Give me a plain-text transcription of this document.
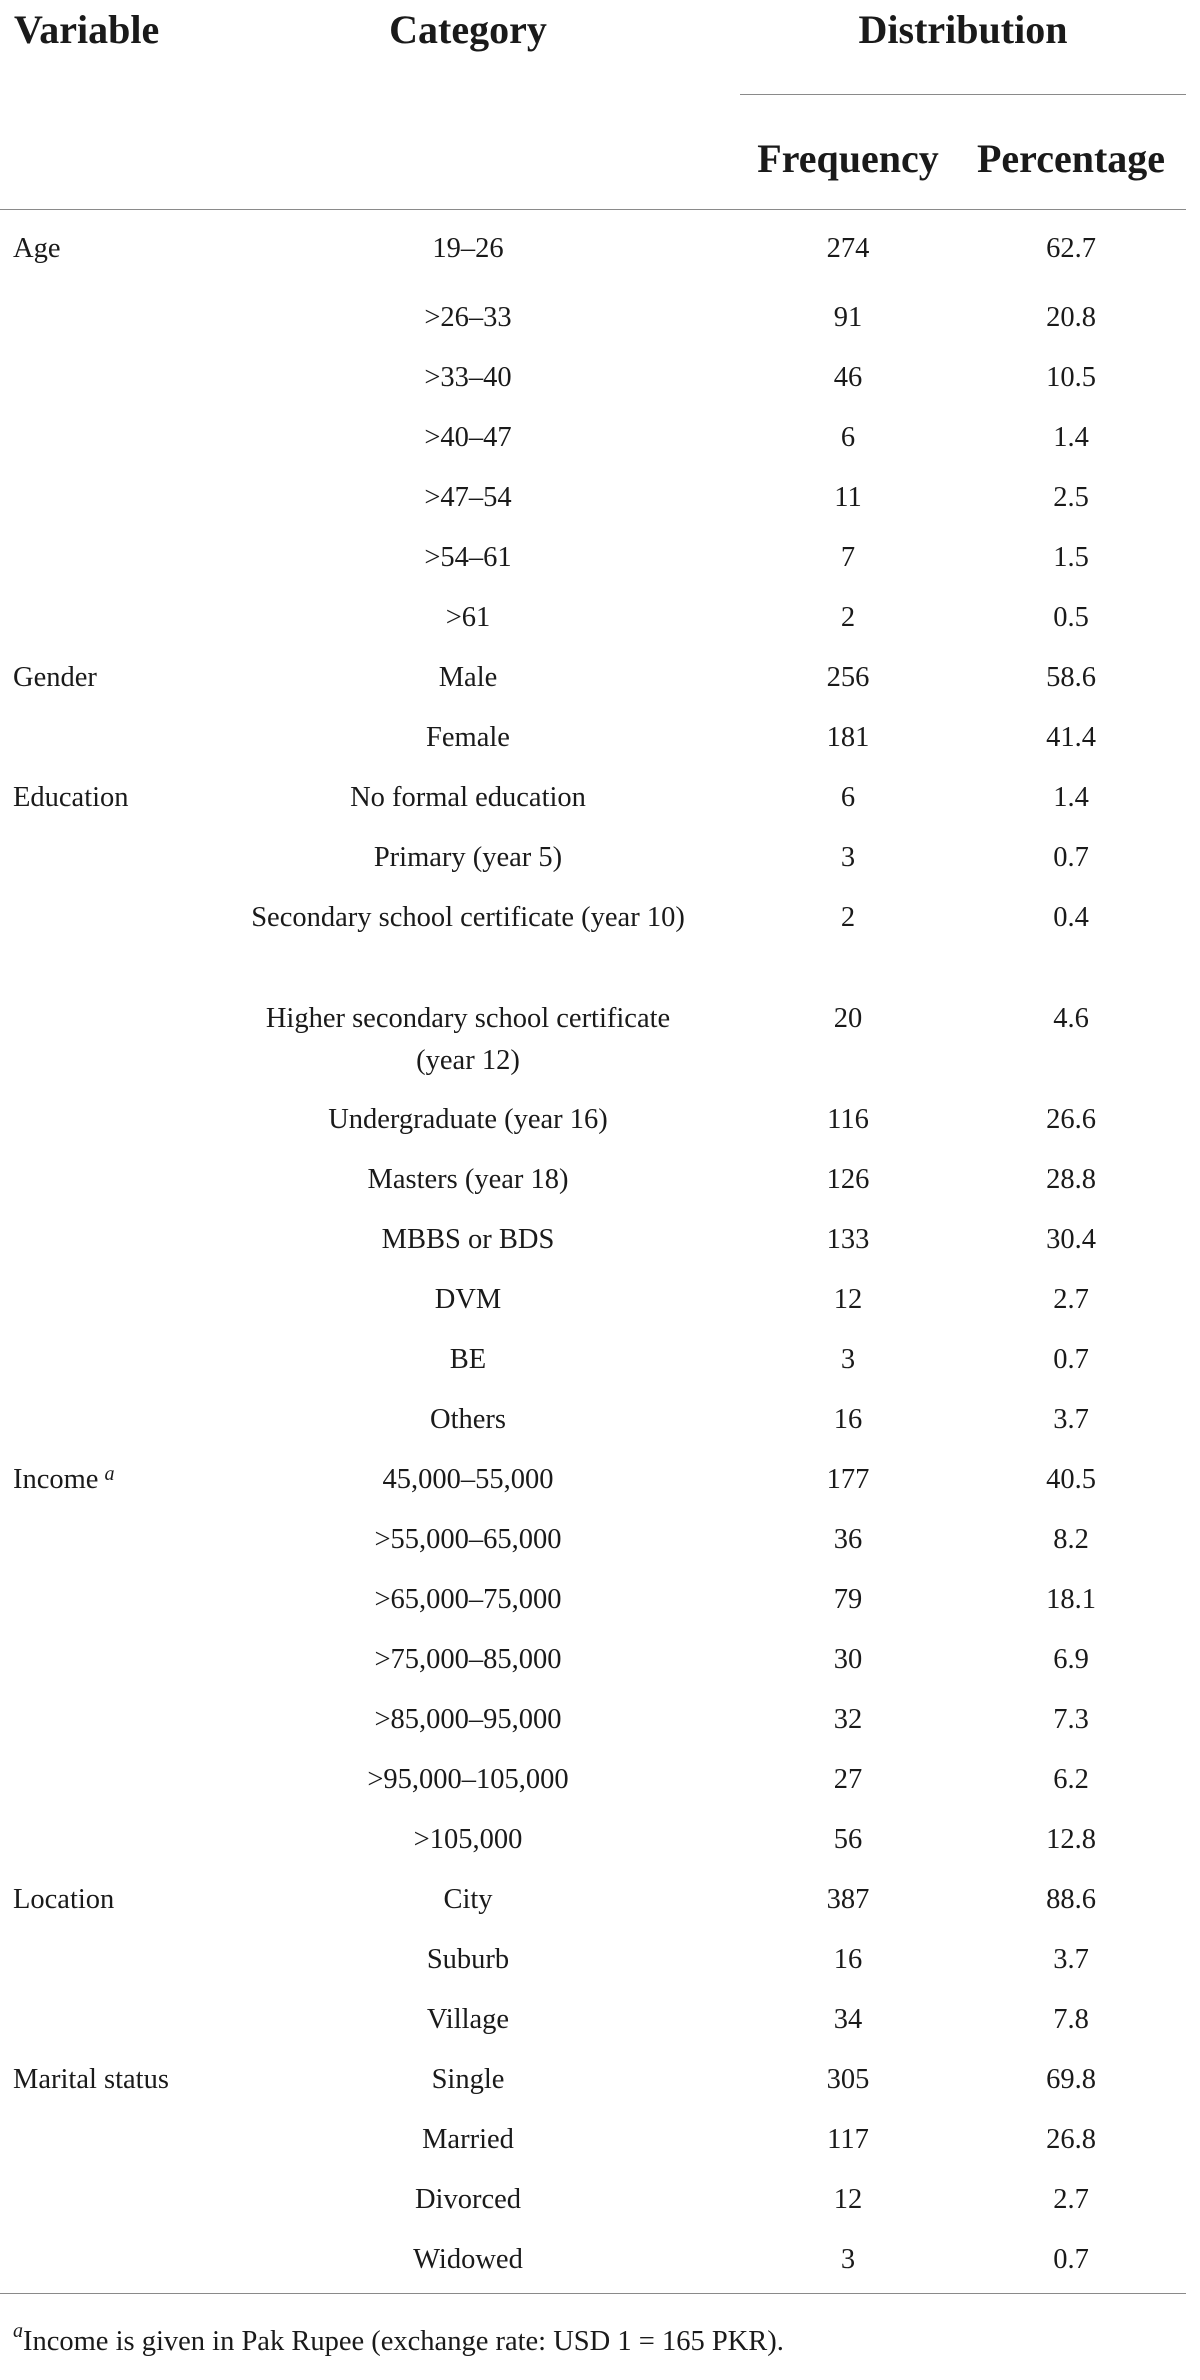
Variable	Category	Distribution	
		Frequency	Percentage
Age	19–26	274	62.7
	>26–33	91	20.8
	>33–40	46	10.5
	>40–47	6	1.4
	>47–54	11	2.5
	>54–61	7	1.5
	>61	2	0.5
Gender	Male	256	58.6
	Female	181	41.4
Education	No formal education	6	1.4
	Primary (year 5)	3	0.7
	Secondary school certificate (year 10)	2	0.4
	Higher secondary school certificate (year 12)	20	4.6
	Undergraduate (year 16)	116	26.6
	Masters (year 18)	126	28.8
	MBBS or BDS	133	30.4
	DVM	12	2.7
	BE	3	0.7
	Others	16	3.7
Income $^a$	45,000–55,000	177	40.5
	>55,000–65,000	36	8.2
	>65,000–75,000	79	18.1
	>75,000–85,000	30	6.9
	>85,000–95,000	32	7.3
	>95,000–105,000	27	6.2
	>105,000	56	12.8
Location	City	387	88.6
	Suburb	16	3.7
	Village	34	7.8
Marital status	Single	305	69.8
	Married	117	26.8
	Divorced	12	2.7
	Widowed	3	0.7
$^a$Income is given in Pak Rupee (exchange rate: USD 1 = 165 PKR).
